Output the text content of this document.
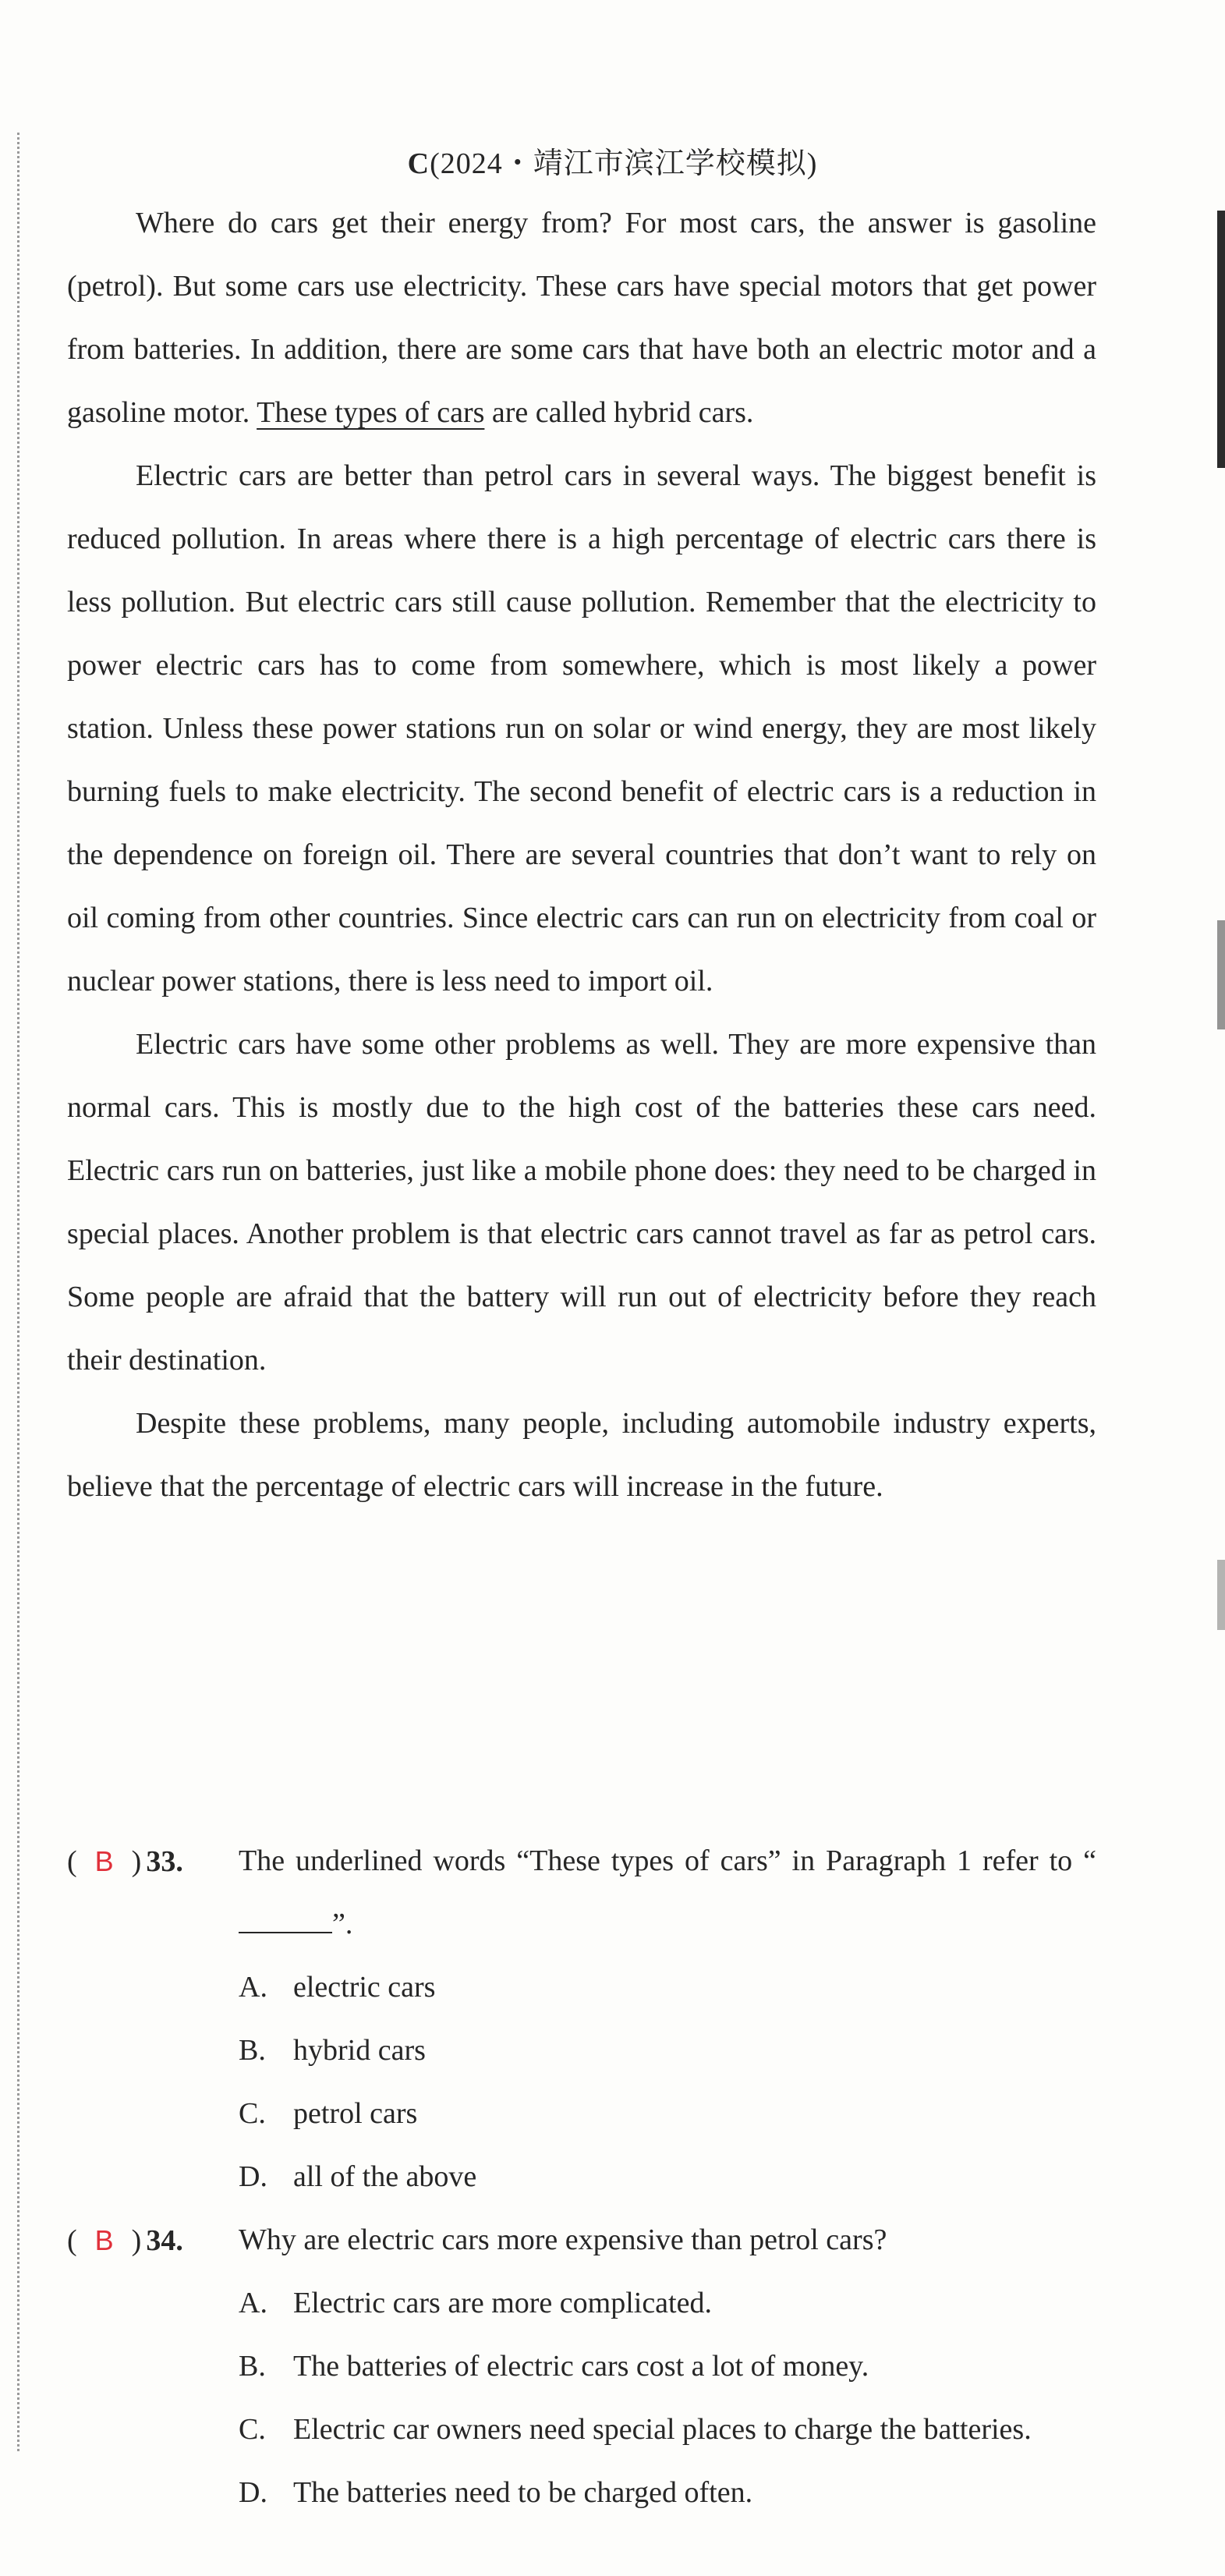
C(2024・靖江市滨江学校模拟)

Where do cars get their energy from? For most cars, the answer is gasoline (petrol). But some cars use electricity. These cars have special motors that get power from batteries. In addition, there are some cars that have both an electric motor and a gasoline motor. These types of cars are called hybrid cars.

Electric cars are better than petrol cars in several ways. The biggest benefit is reduced pollution. In areas where there is a high percentage of electric cars there is less pollution. But electric cars still cause pollution. Remember that the electricity to power electric cars has to come from somewhere, which is most likely a power station. Unless these power stations run on solar or wind energy, they are most likely burning fuels to make electricity. The second benefit of electric cars is a reduction in the dependence on foreign oil. There are several countries that don’t want to rely on oil coming from other countries. Since electric cars can run on electricity from coal or nuclear power stations, there is less need to import oil.

Electric cars have some other problems as well. They are more expensive than normal cars. This is mostly due to the high cost of the batteries these cars need. Electric cars run on batteries, just like a mobile phone does: they need to be charged in special places. Another problem is that electric cars cannot travel as far as petrol cars. Some people are afraid that the battery will run out of electricity before they reach their destination.

Despite these problems, many people, including automobile industry experts, believe that the percentage of electric cars will increase in the future.

( B ) 33.	The underlined words “These types of cars” in Paragraph 1 refer to “”.
A. electric cars
B. hybrid cars
C. petrol cars
D. all of the above
( B ) 34.	Why are electric cars more expensive than petrol cars?
A. Electric cars are more complicated.
B. The batteries of electric cars cost a lot of money.
C. Electric car owners need special places to charge the batteries.
D. The batteries need to be charged often.
